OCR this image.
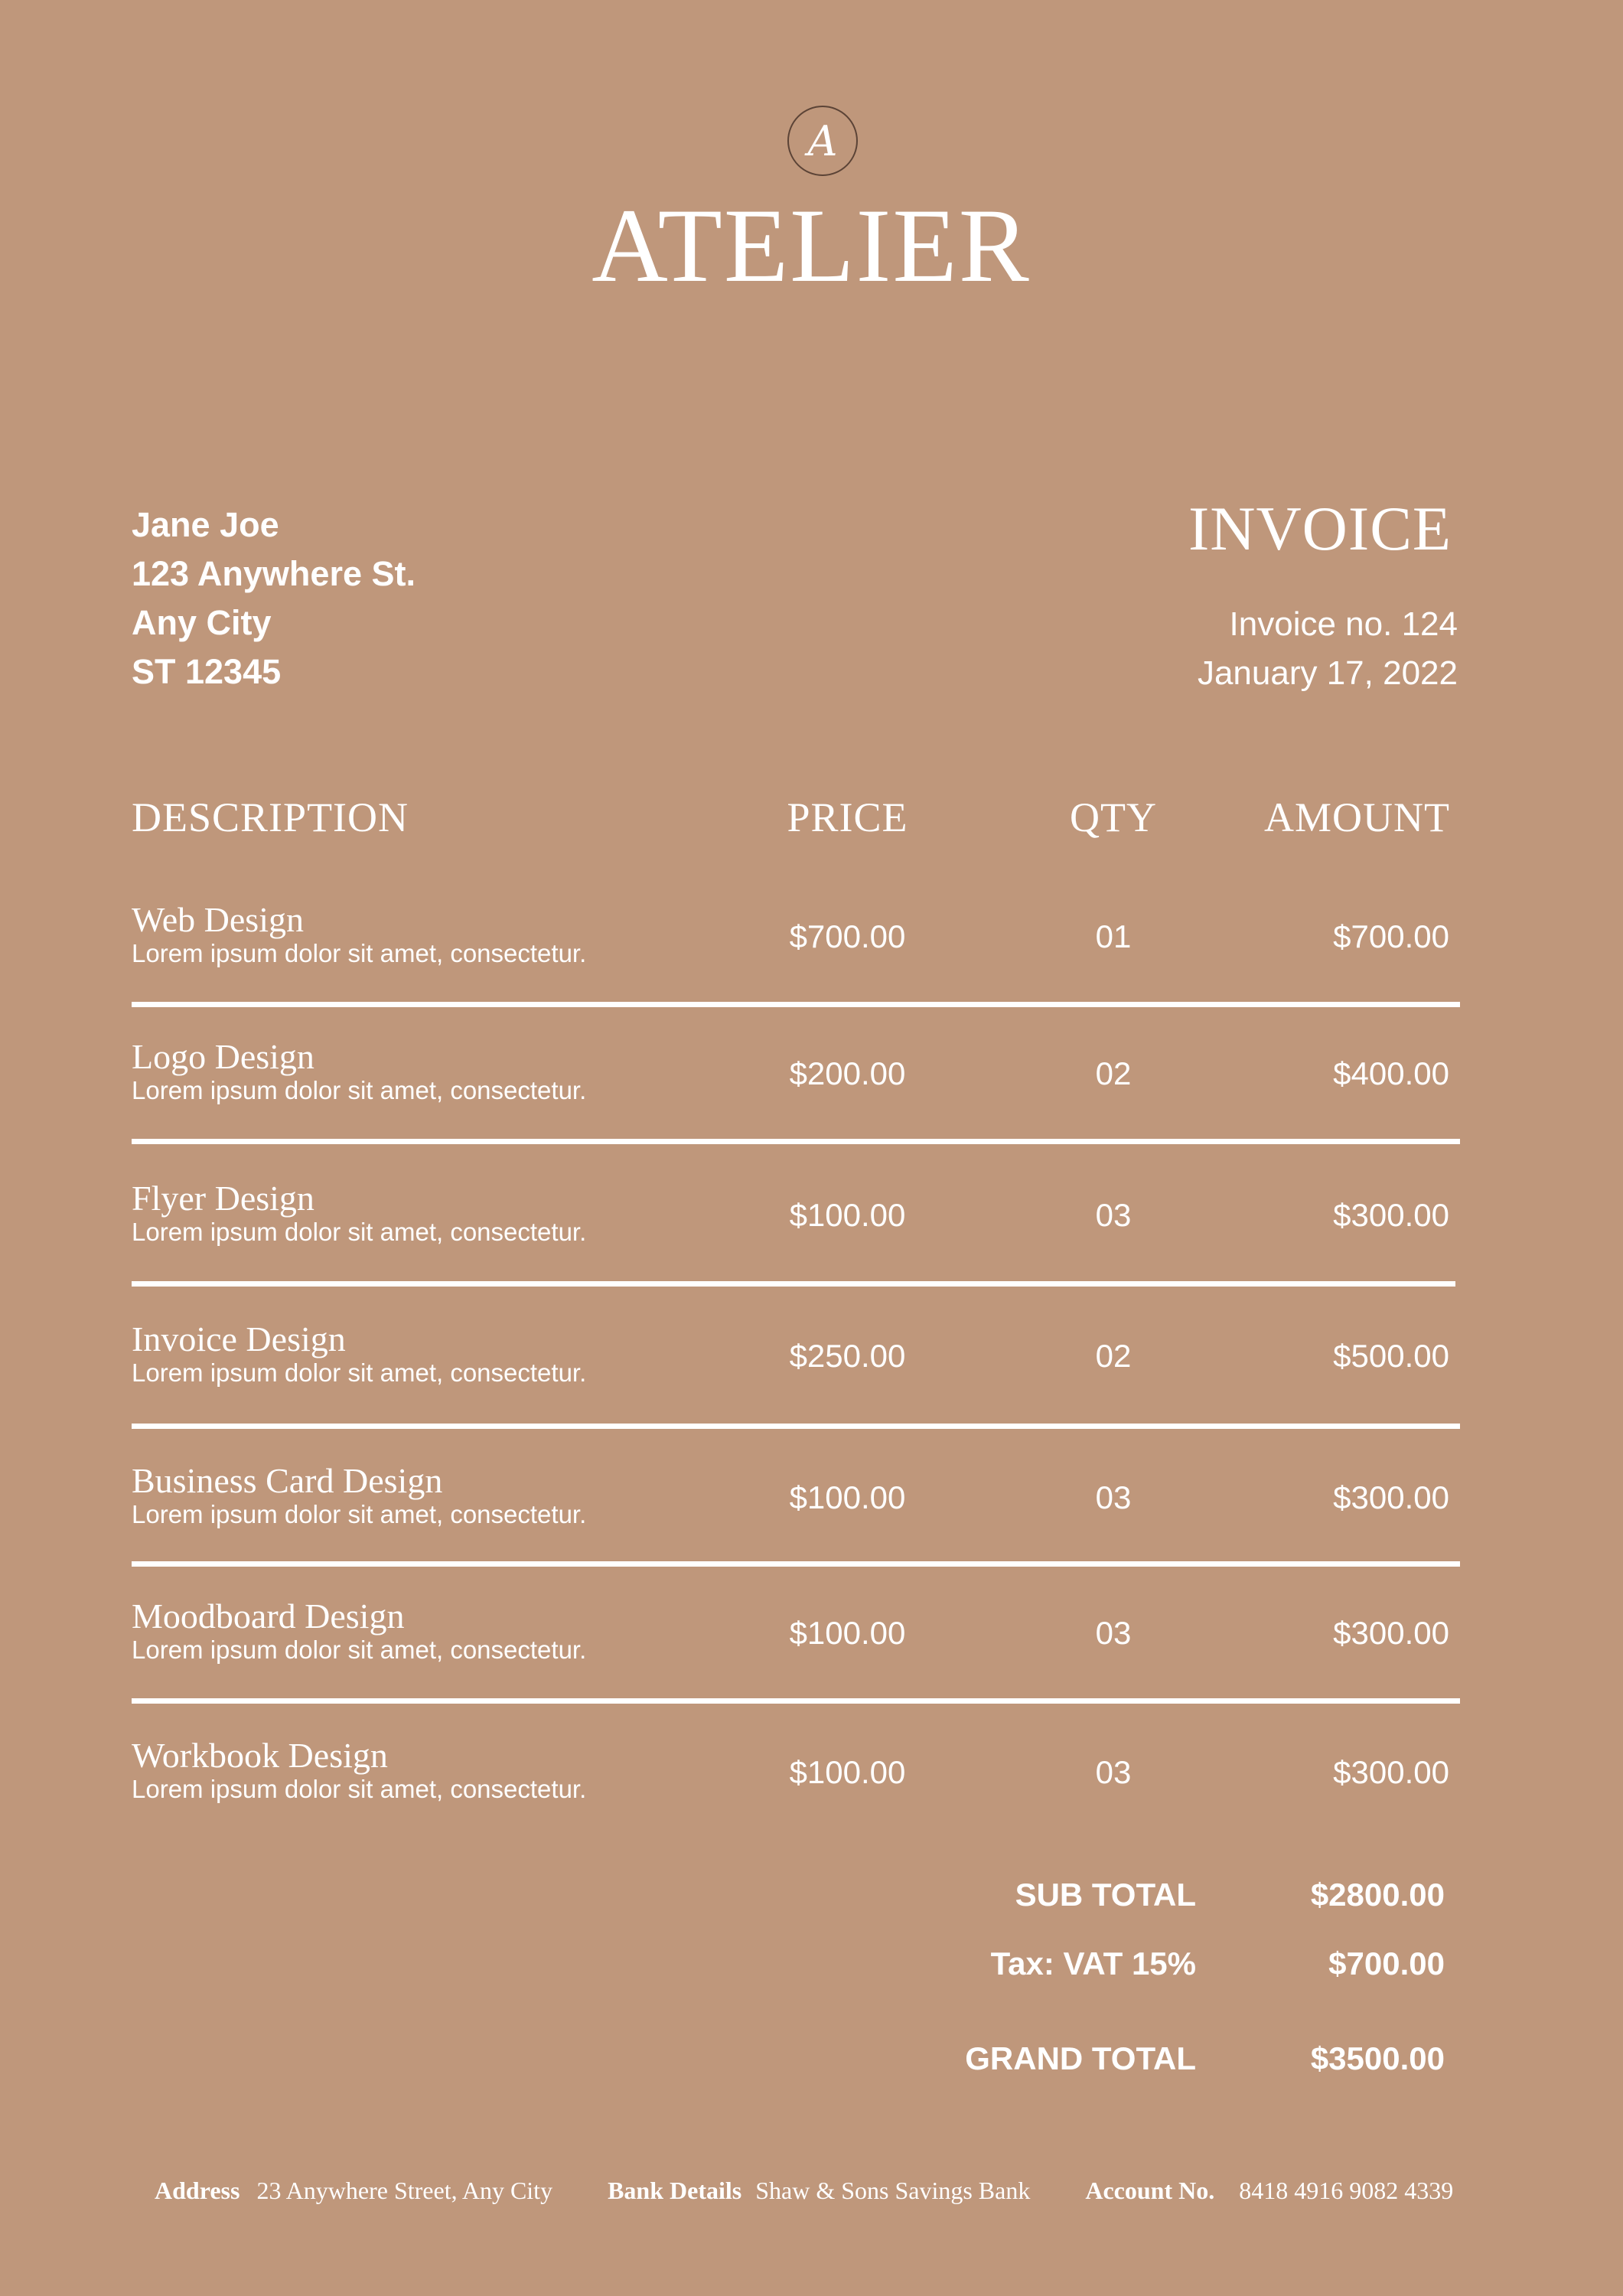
A
ATELIER
Jane Joe
123 Anywhere St.
Any City
ST 12345
INVOICE
Invoice no. 124
January 17, 2022
DESCRIPTION	PRICE	QTY	AMOUNT
Web Design
Lorem ipsum dolor sit amet, consectetur.	$700.00	01	$700.00
Logo Design
Lorem ipsum dolor sit amet, consectetur.	$200.00	02	$400.00
Flyer Design
Lorem ipsum dolor sit amet, consectetur.	$100.00	03	$300.00
Invoice Design
Lorem ipsum dolor sit amet, consectetur.	$250.00	02	$500.00
Business Card Design
Lorem ipsum dolor sit amet, consectetur.	$100.00	03	$300.00
Moodboard Design
Lorem ipsum dolor sit amet, consectetur.	$100.00	03	$300.00
Workbook Design
Lorem ipsum dolor sit amet, consectetur.	$100.00	03	$300.00
SUB TOTAL	$2800.00
Tax: VAT 15%	$700.00
GRAND TOTAL	$3500.00
Address 23 Anywhere Street, Any City Bank Details Shaw & Sons Savings Bank Account No. 8418 4916 9082 4339
